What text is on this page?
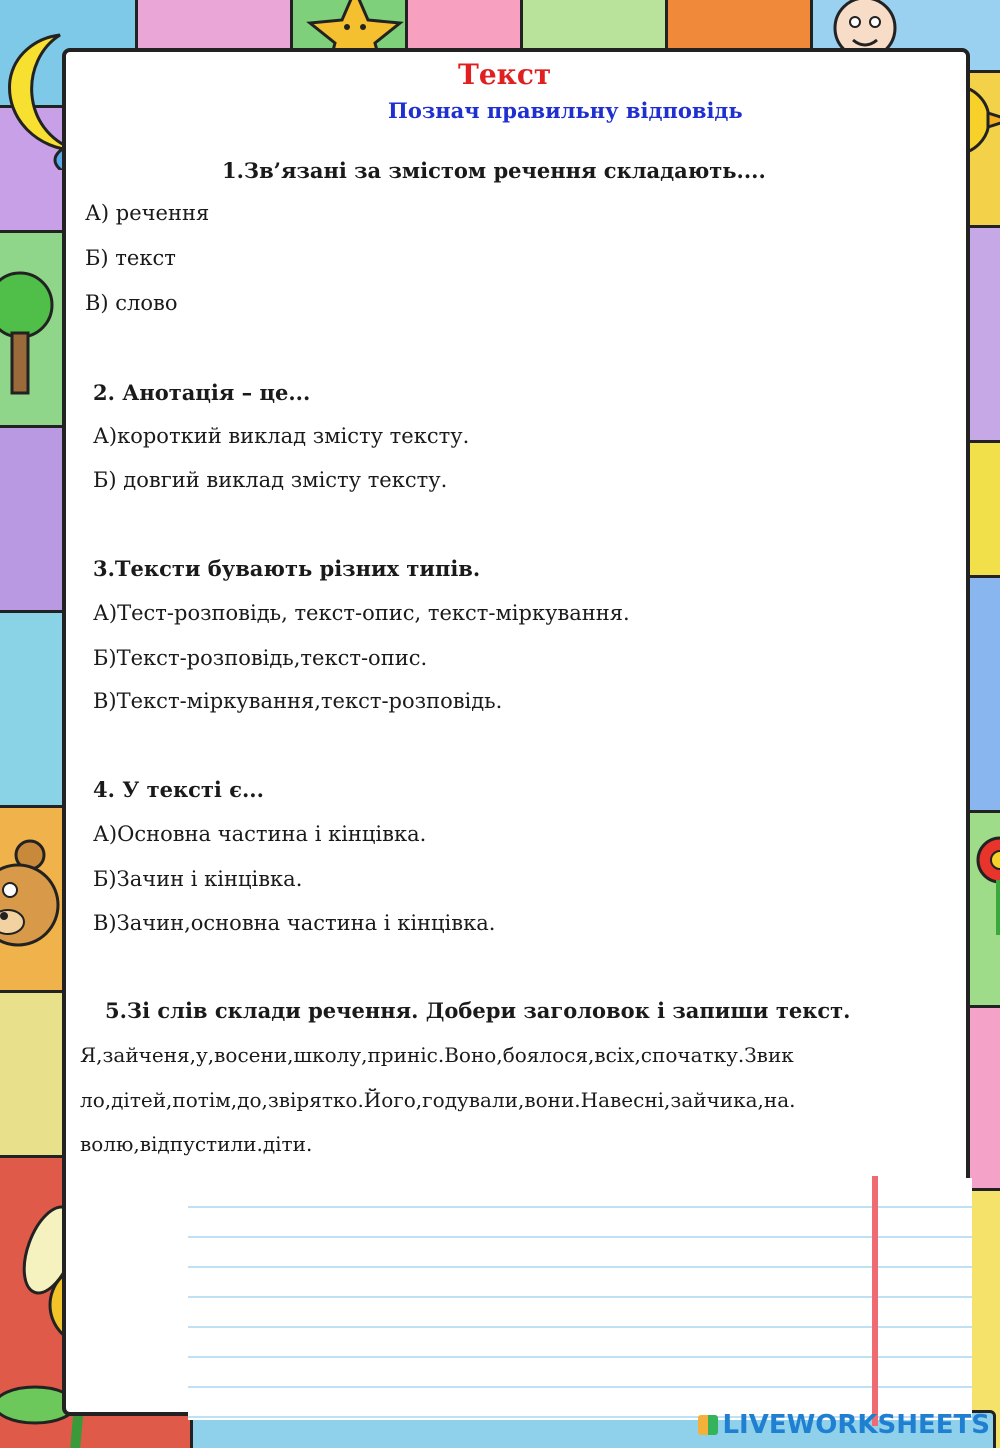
Текст
Познач правильну відповідь
1.Зв’язані за змістом речення складають....
А) речення
Б) текст
В) слово
2. Анотація – це...
А)короткий виклад змісту тексту.
Б) довгий виклад змісту тексту.
3.Тексти бувають різних типів.
А)Тест-розповідь, текст-опис, текст-міркування.
Б)Текст-розповідь,текст-опис.
В)Текст-міркування,текст-розповідь.
4. У тексті є...
А)Основна частина і кінцівка.
Б)Зачин і кінцівка.
В)Зачин,основна частина і кінцівка.
5.Зі слів склади речення. Добери заголовок і запиши текст.
Я,зайченя,у,восени,школу,приніс.Воно,боялося,всіх,спочатку.Звик
ло,дітей,потім,до,звірятко.Його,годували,вони.Навесні,зайчика,на.
волю,відпустили.діти.
LIVEWORKSHEETS
